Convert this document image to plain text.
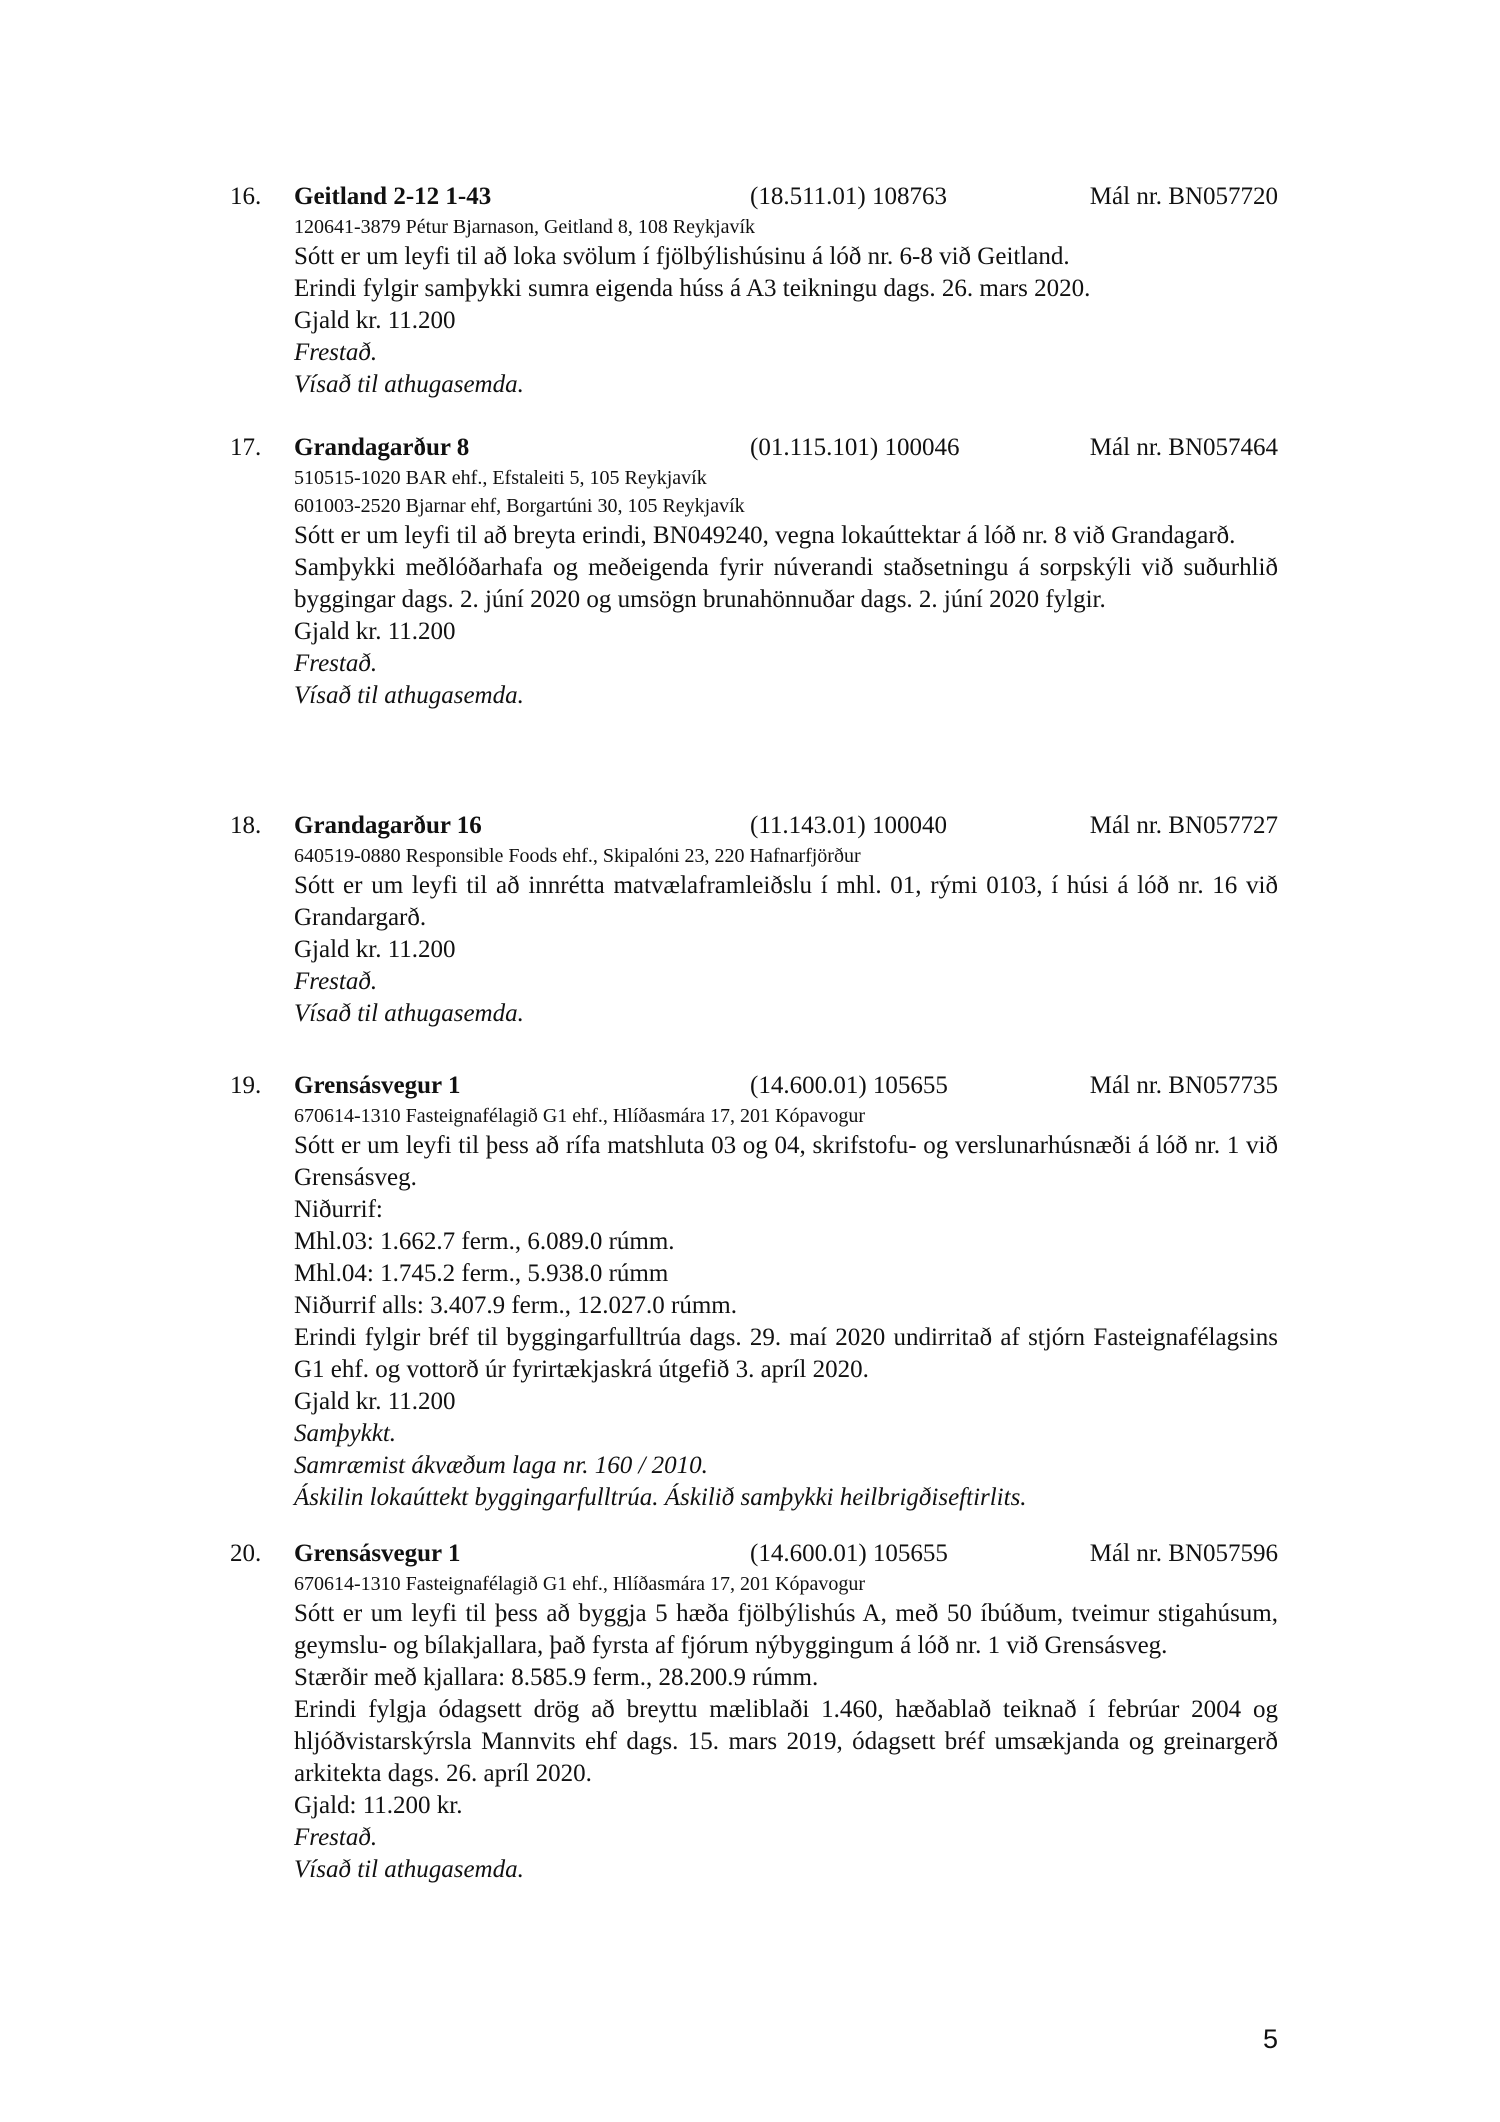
16. Geitland 2-12 1-43	(18.511.01) 108763	Mál nr. BN057720
120641-3879 Pétur Bjarnason, Geitland 8, 108 Reykjavík
Sótt er um leyfi til að loka svölum í fjölbýlishúsinu á lóð nr. 6-8 við Geitland.
Erindi fylgir samþykki sumra eigenda húss á A3 teikningu dags. 26. mars 2020.
Gjald kr. 11.200
Frestað.
Vísað til athugasemda.
17. Grandagarður 8	(01.115.101) 100046	Mál nr. BN057464
510515-1020 BAR ehf., Efstaleiti 5, 105 Reykjavík
601003-2520 Bjarnar ehf, Borgartúni 30, 105 Reykjavík
Sótt er um leyfi til að breyta erindi, BN049240, vegna lokaúttektar á lóð nr. 8 við Grandagarð.
Samþykki meðlóðarhafa og meðeigenda fyrir núverandi staðsetningu á sorpskýli við suðurhlið byggingar dags. 2. júní 2020 og umsögn brunahönnuðar dags. 2. júní 2020 fylgir.
Gjald kr. 11.200
Frestað.
Vísað til athugasemda.
18. Grandagarður 16	(11.143.01) 100040	Mál nr. BN057727
640519-0880 Responsible Foods ehf., Skipalóni 23, 220 Hafnarfjörður
Sótt er um leyfi til að innrétta matvælaframleiðslu í mhl. 01, rými 0103, í húsi á lóð nr. 16 við Grandargarð.
Gjald kr. 11.200
Frestað.
Vísað til athugasemda.
19. Grensásvegur 1	(14.600.01) 105655	Mál nr. BN057735
670614-1310 Fasteignafélagið G1 ehf., Hlíðasmára 17, 201 Kópavogur
Sótt er um leyfi til þess að rífa matshluta 03 og 04, skrifstofu- og verslunarhúsnæði á lóð nr. 1 við Grensásveg.
Niðurrif:
Mhl.03: 1.662.7 ferm., 6.089.0 rúmm.
Mhl.04: 1.745.2 ferm., 5.938.0 rúmm
Niðurrif alls: 3.407.9 ferm., 12.027.0 rúmm.
Erindi fylgir bréf til byggingarfulltrúa dags. 29. maí 2020 undirritað af stjórn Fasteignafélagsins G1 ehf. og vottorð úr fyrirtækjaskrá útgefið 3. apríl 2020.
Gjald kr. 11.200
Samþykkt.
Samræmist ákvæðum laga nr. 160 / 2010.
Áskilin lokaúttekt byggingarfulltrúa. Áskilið samþykki heilbrigðiseftirlits.
20. Grensásvegur 1	(14.600.01) 105655	Mál nr. BN057596
670614-1310 Fasteignafélagið G1 ehf., Hlíðasmára 17, 201 Kópavogur
Sótt er um leyfi til þess að byggja 5 hæða fjölbýlishús A, með 50 íbúðum, tveimur stigahúsum, geymslu- og bílakjallara, það fyrsta af fjórum nýbyggingum á lóð nr. 1 við Grensásveg.
Stærðir með kjallara: 8.585.9 ferm., 28.200.9 rúmm.
Erindi fylgja ódagsett drög að breyttu mæliblaði 1.460, hæðablað teiknað í febrúar 2004 og hljóðvistarskýrsla Mannvits ehf dags. 15. mars 2019, ódagsett bréf umsækjanda og greinargerð arkitekta dags. 26. apríl 2020.
Gjald: 11.200 kr.
Frestað.
Vísað til athugasemda.
5
